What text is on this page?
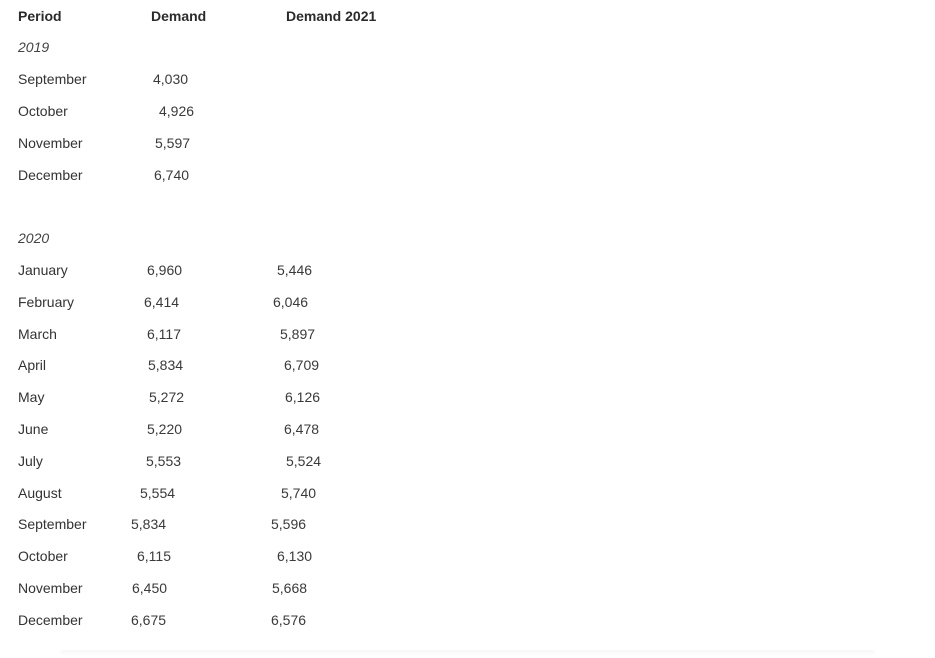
Period	Demand	Demand 2021
2019
September	4,030
October	4,926
November	5,597
December	6,740
2020
January	6,960	5,446
February	6,414	6,046
March	6,117	5,897
April	5,834	6,709
May	5,272	6,126
June	5,220	6,478
July	5,553	5,524
August	5,554	5,740
September	5,834	5,596
October	6,115	6,130
November	6,450	5,668
December	6,675	6,576
